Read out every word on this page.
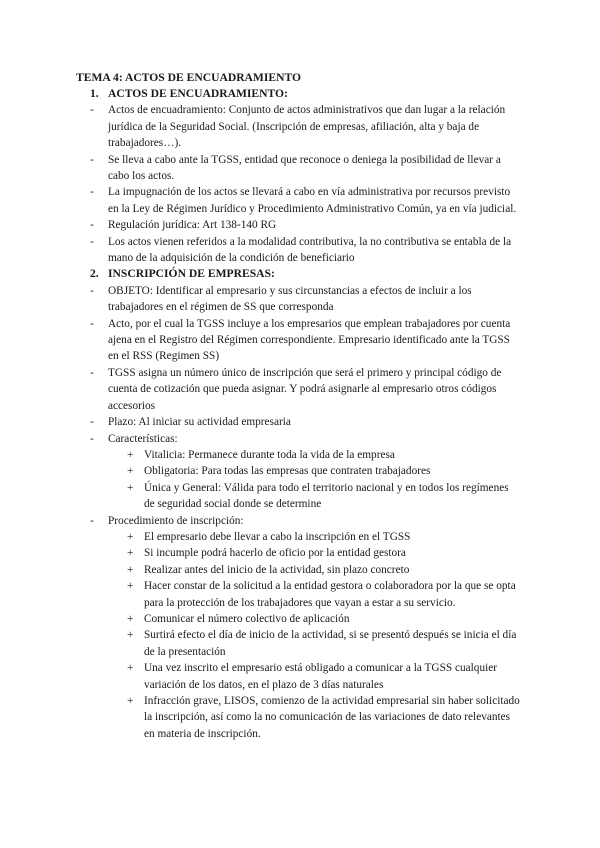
TEMA 4: ACTOS DE ENCUADRAMIENTO
1. ACTOS DE ENCUADRAMIENTO:
- Actos de encuadramiento: Conjunto de actos administrativos que dan lugar a la relación jurídica de la Seguridad Social. (Inscripción de empresas, afiliación, alta y baja de trabajadores…).
- Se lleva a cabo ante la TGSS, entidad que reconoce o deniega la posibilidad de llevar a cabo los actos.
- La impugnación de los actos se llevará a cabo en vía administrativa por recursos previsto en la Ley de Régimen Jurídico y Procedimiento Administrativo Común, ya en vía judicial.
- Regulación jurídica: Art 138-140 RG
- Los actos vienen referidos a la modalidad contributiva, la no contributiva se entabla de la mano de la adquisición de la condición de beneficiario
2. INSCRIPCIÓN DE EMPRESAS:
- OBJETO: Identificar al empresario y sus circunstancias a efectos de incluir a los trabajadores en el régimen de SS que corresponda
- Acto, por el cual la TGSS incluye a los empresarios que emplean trabajadores por cuenta ajena en el Registro del Régimen correspondiente. Empresario identificado ante la TGSS en el RSS (Regimen SS)
- TGSS asigna un número único de inscripción que será el primero y principal código de cuenta de cotización que pueda asignar. Y podrá asignarle al empresario otros códigos accesorios
- Plazo: Al iniciar su actividad empresaria
- Características:
+ Vitalicia: Permanece durante toda la vida de la empresa
+ Obligatoria: Para todas las empresas que contraten trabajadores
+ Única y General: Válida para todo el territorio nacional y en todos los regímenes de seguridad social donde se determine
- Procedimiento de inscripción:
+ El empresario debe llevar a cabo la inscripción en el TGSS
+ Si incumple podrá hacerlo de oficio por la entidad gestora
+ Realizar antes del inicio de la actividad, sin plazo concreto
+ Hacer constar de la solicitud a la entidad gestora o colaboradora por la que se opta para la protección de los trabajadores que vayan a estar a su servicio.
+ Comunicar el número colectivo de aplicación
+ Surtirá efecto el día de inicio de la actividad, si se presentó después se inicia el día de la presentación
+ Una vez inscrito el empresario está obligado a comunicar a la TGSS cualquier variación de los datos, en el plazo de 3 días naturales
+ Infracción grave, LISOS, comienzo de la actividad empresarial sin haber solicitado la inscripción, así como la no comunicación de las variaciones de dato relevantes en materia de inscripción.
